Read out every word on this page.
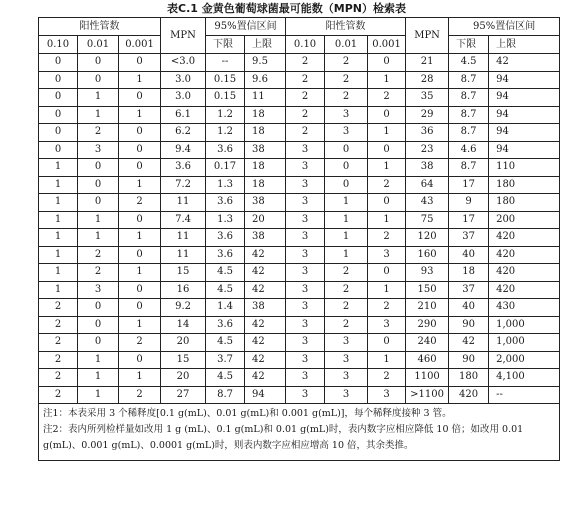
表C.1 金黄色葡萄球菌最可能数（MPN）检索表
阳性管数			MPN	95%置信区间		阳性管数			MPN	95%置信区间	
0.10	0.01	0.001		下限	上限	0.10	0.01	0.001		下限	上限
0	0	0	<3.0	--	9.5	2	2	0	21	4.5	42
0	0	1	3.0	0.15	9.6	2	2	1	28	8.7	94
0	1	0	3.0	0.15	11	2	2	2	35	8.7	94
0	1	1	6.1	1.2	18	2	3	0	29	8.7	94
0	2	0	6.2	1.2	18	2	3	1	36	8.7	94
0	3	0	9.4	3.6	38	3	0	0	23	4.6	94
1	0	0	3.6	0.17	18	3	0	1	38	8.7	110
1	0	1	7.2	1.3	18	3	0	2	64	17	180
1	0	2	11	3.6	38	3	1	0	43	9	180
1	1	0	7.4	1.3	20	3	1	1	75	17	200
1	1	1	11	3.6	38	3	1	2	120	37	420
1	2	0	11	3.6	42	3	1	3	160	40	420
1	2	1	15	4.5	42	3	2	0	93	18	420
1	3	0	16	4.5	42	3	2	1	150	37	420
2	0	0	9.2	1.4	38	3	2	2	210	40	430
2	0	1	14	3.6	42	3	2	3	290	90	1,000
2	0	2	20	4.5	42	3	3	0	240	42	1,000
2	1	0	15	3.7	42	3	3	1	460	90	2,000
2	1	1	20	4.5	42	3	3	2	1100	180	4,100
2	1	2	27	8.7	94	3	3	3	>1100	420	--

注1：本表采用 3 个稀释度[0.1 g(mL)、0.01 g(mL)和 0.001 g(mL)]，每个稀释度接种 3 管。
注2：表内所列检样量如改用 1 g (mL)、0.1 g(mL)和 0.01 g(mL)时，表内数字应相应降低 10 倍；如改用 0.01 g(mL)、0.001 g(mL)、0.0001 g(mL)时，则表内数字应相应增高 10 倍，其余类推。											
